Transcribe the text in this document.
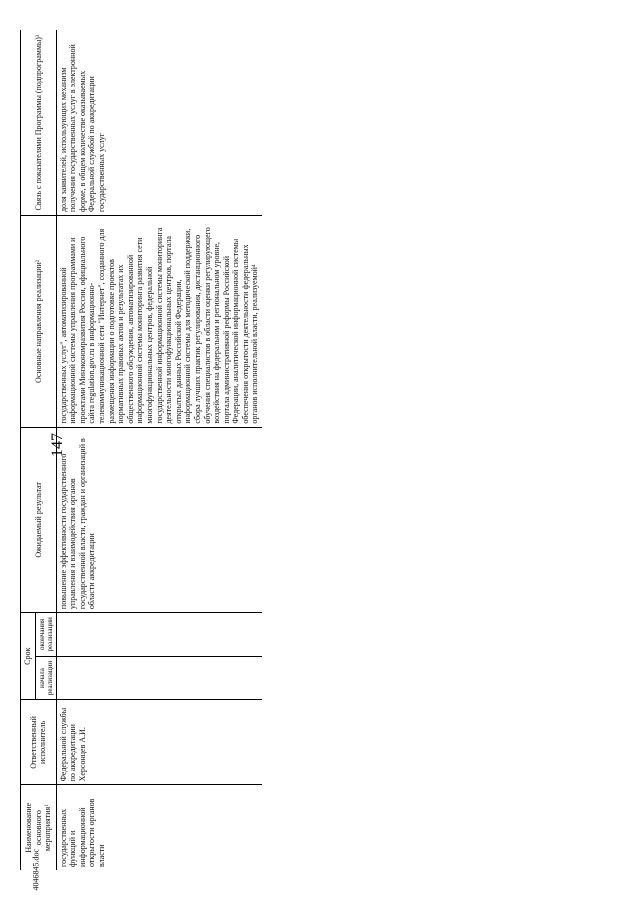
147
Наименование основного мероприятия$^1$	Ответственный исполнитель	Срок		Ожидаемый результат	Основные направления реализации$^2$	Связь с показателями Программы (подпрограммы)$^3$
		начала реализации	окончания реализации			
государственных функций и информационной открытости органов власти	Федеральной службы по аккредитации Херсонцев А.И.			повышение эффективности государственного управления и взаимодействия органов государственной власти, граждан и организаций в области аккредитации	государственных услуг", автоматизированной информационной системы управления программами и проектами Минэкономразвития России, официального сайта regulation.gov.ru в информационно-телекоммуникационной сети "Интернет", созданного для размещения информации о подготовке проектов нормативных правовых актов и результатах их общественного обсуждения, автоматизированной информационной системы мониторинга развития сети многофункциональных центров, федеральной государственной информационной системы мониторинга деятельности многофункциональных центров, портала открытых данных Российской Федерации, информационной системы для методической поддержки, сбора лучших практик регулирования, дистанционного обучения специалистов в области оценки регулирующего воздействия на федеральном и региональном уровне, портала административной реформы Российской Федерации, аналитической информационной системы обеспечения открытости деятельности федеральных органов исполнительной власти, реализуемой$^4$	доля заявителей, использующих механизм получения государственных услуг в электронной форме, в общем количестве оказываемых Федеральной службой по аккредитации государственных услуг
4046845.doc
